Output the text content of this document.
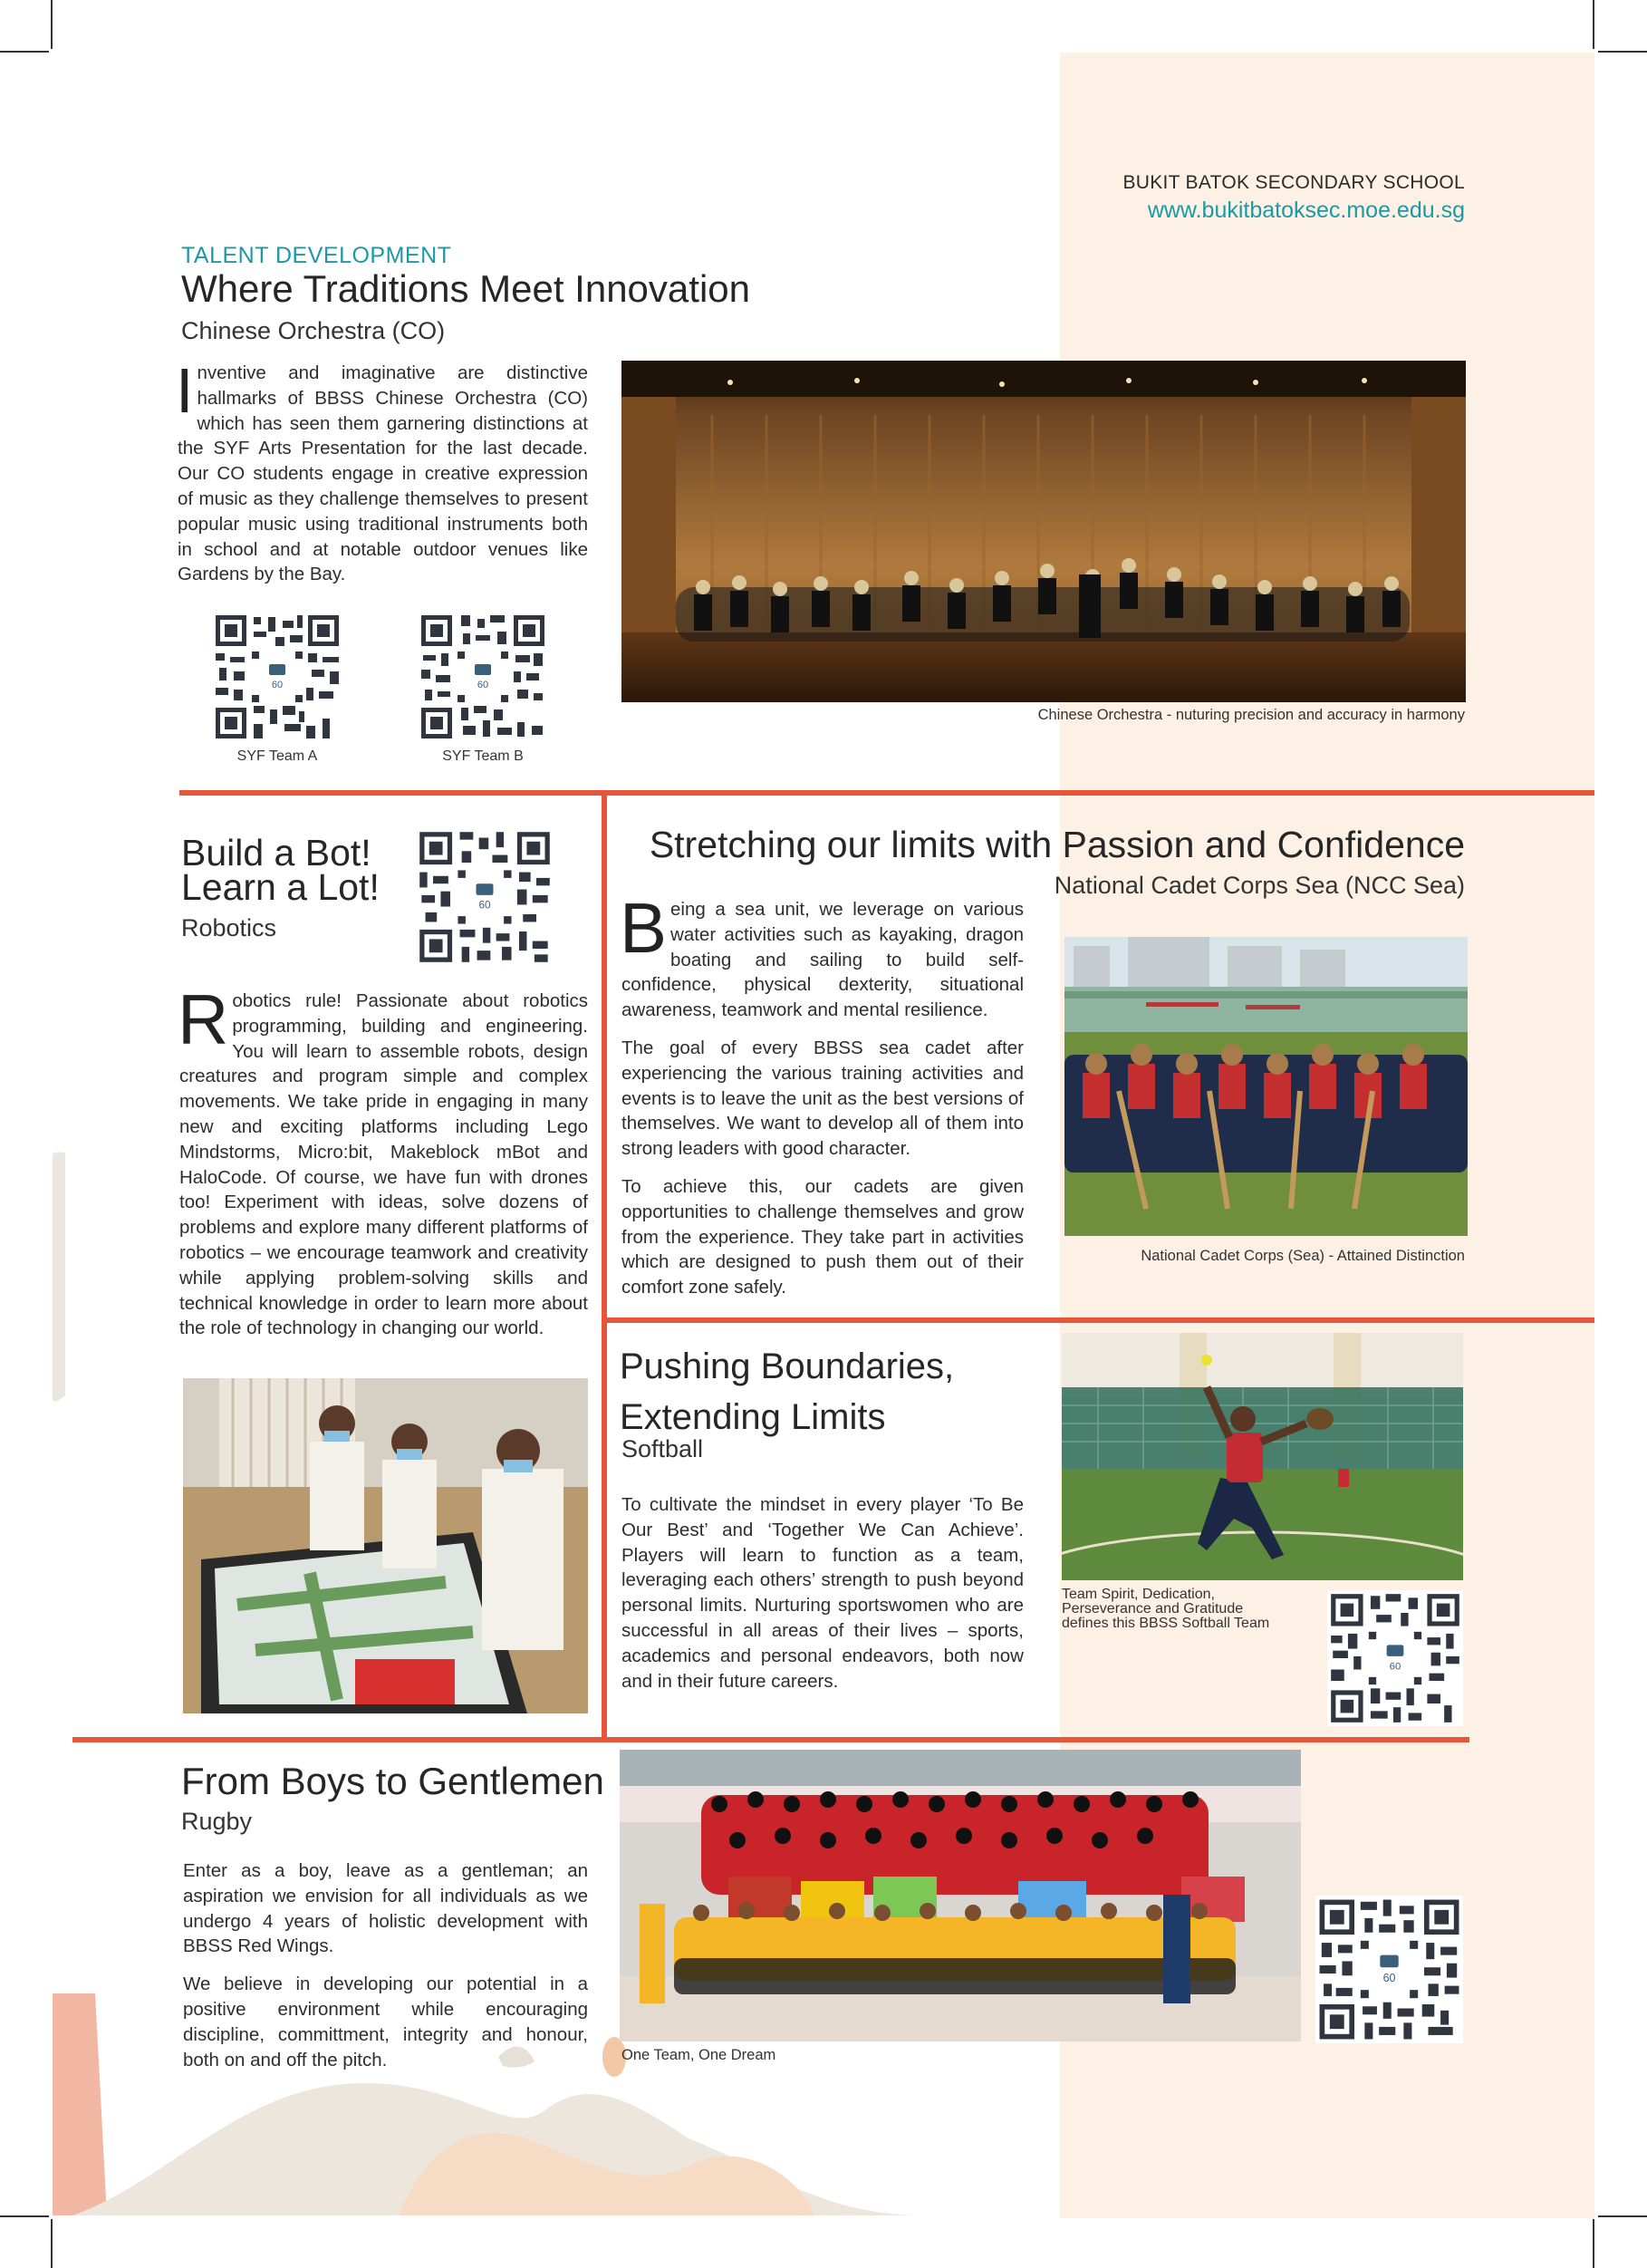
BUKIT BATOK SECONDARY SCHOOL
www.bukitbatoksec.moe.edu.sg
TALENT DEVELOPMENT
Where Traditions Meet Innovation
Chinese Orchestra (CO)
Inventive and imaginative are distinctive hallmarks of BBSS Chinese Orchestra (CO) which has seen them garnering distinctions at the SYF Arts Presentation for the last decade. Our CO students engage in creative expression of music as they challenge themselves to present popular music using traditional instruments both in school and at notable outdoor venues like Gardens by the Bay.
60
SYF Team A
60
SYF Team B
Chinese Orchestra - nuturing precision and accuracy in harmony
Build a Bot!
Learn a Lot!
Robotics
60
Robotics rule! Passionate about robotics programming, building and engineering. You will learn to assemble robots, design creatures and program simple and complex movements. We take pride in engaging in many new and exciting platforms including Lego Mindstorms, Micro:bit, Makeblock mBot and HaloCode. Of course, we have fun with drones too! Experiment with ideas, solve dozens of problems and explore many different platforms of robotics – we encourage teamwork and creativity while applying problem-solving skills and technical knowledge in order to learn more about the role of technology in changing our world.
Stretching our limits with Passion and Confidence
National Cadet Corps Sea (NCC Sea)

Being a sea unit, we leverage on various water activities such as kayaking, dragon boating and sailing to build self-confidence, physical dexterity, situational awareness, teamwork and mental resilience.

The goal of every BBSS sea cadet after experiencing the various training activities and events is to leave the unit as the best versions of themselves. We want to develop all of them into strong leaders with good character.

To achieve this, our cadets are given opportunities to challenge themselves and grow from the experience. They take part in activities which are designed to push them out of their comfort zone safely.

National Cadet Corps (Sea) - Attained Distinction
Pushing Boundaries,
Extending Limits
Softball
To cultivate the mindset in every player ‘To Be Our Best’ and ‘Together We Can Achieve’. Players will learn to function as a team, leveraging each others’ strength to push beyond personal limits. Nurturing sportswomen who are successful in all areas of their lives – sports, academics and personal endeavors, both now and in their future careers.
Team Spirit, Dedication,
Perseverance and Gratitude
defines this BBSS Softball Team
60
From Boys to Gentlemen
Rugby

Enter as a boy, leave as a gentleman; an aspiration we envision for all individuals as we undergo 4 years of holistic development with BBSS Red Wings.

We believe in developing our potential in a positive environment while encouraging discipline, committment, integrity and honour, both on and off the pitch.	One Team, One Dream
60
